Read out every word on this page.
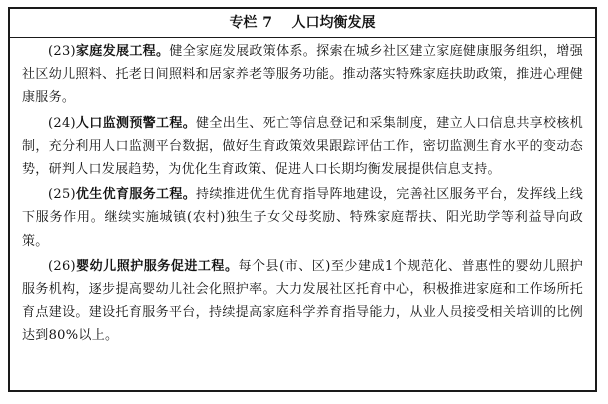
专栏 7    人口均衡发展

(23)家庭发展工程。健全家庭发展政策体系。探索在城乡社区建立家庭健康服务组织，增强社区幼儿照料、托老日间照料和居家养老等服务功能。推动落实特殊家庭扶助政策，推进心理健康服务。

(24)人口监测预警工程。健全出生、死亡等信息登记和采集制度，建立人口信息共享校核机制，充分利用人口监测平台数据，做好生育政策效果跟踪评估工作，密切监测生育水平的变动态势，研判人口发展趋势，为优化生育政策、促进人口长期均衡发展提供信息支持。

(25)优生优育服务工程。持续推进优生优育指导阵地建设，完善社区服务平台，发挥线上线下服务作用。继续实施城镇(农村)独生子女父母奖励、特殊家庭帮扶、阳光助学等利益导向政策。

(26)婴幼儿照护服务促进工程。每个县(市、区)至少建成1个规范化、普惠性的婴幼儿照护服务机构，逐步提高婴幼儿社会化照护率。大力发展社区托育中心，积极推进家庭和工作场所托育点建设。建设托育服务平台，持续提高家庭科学养育指导能力，从业人员接受相关培训的比例达到80%以上。
